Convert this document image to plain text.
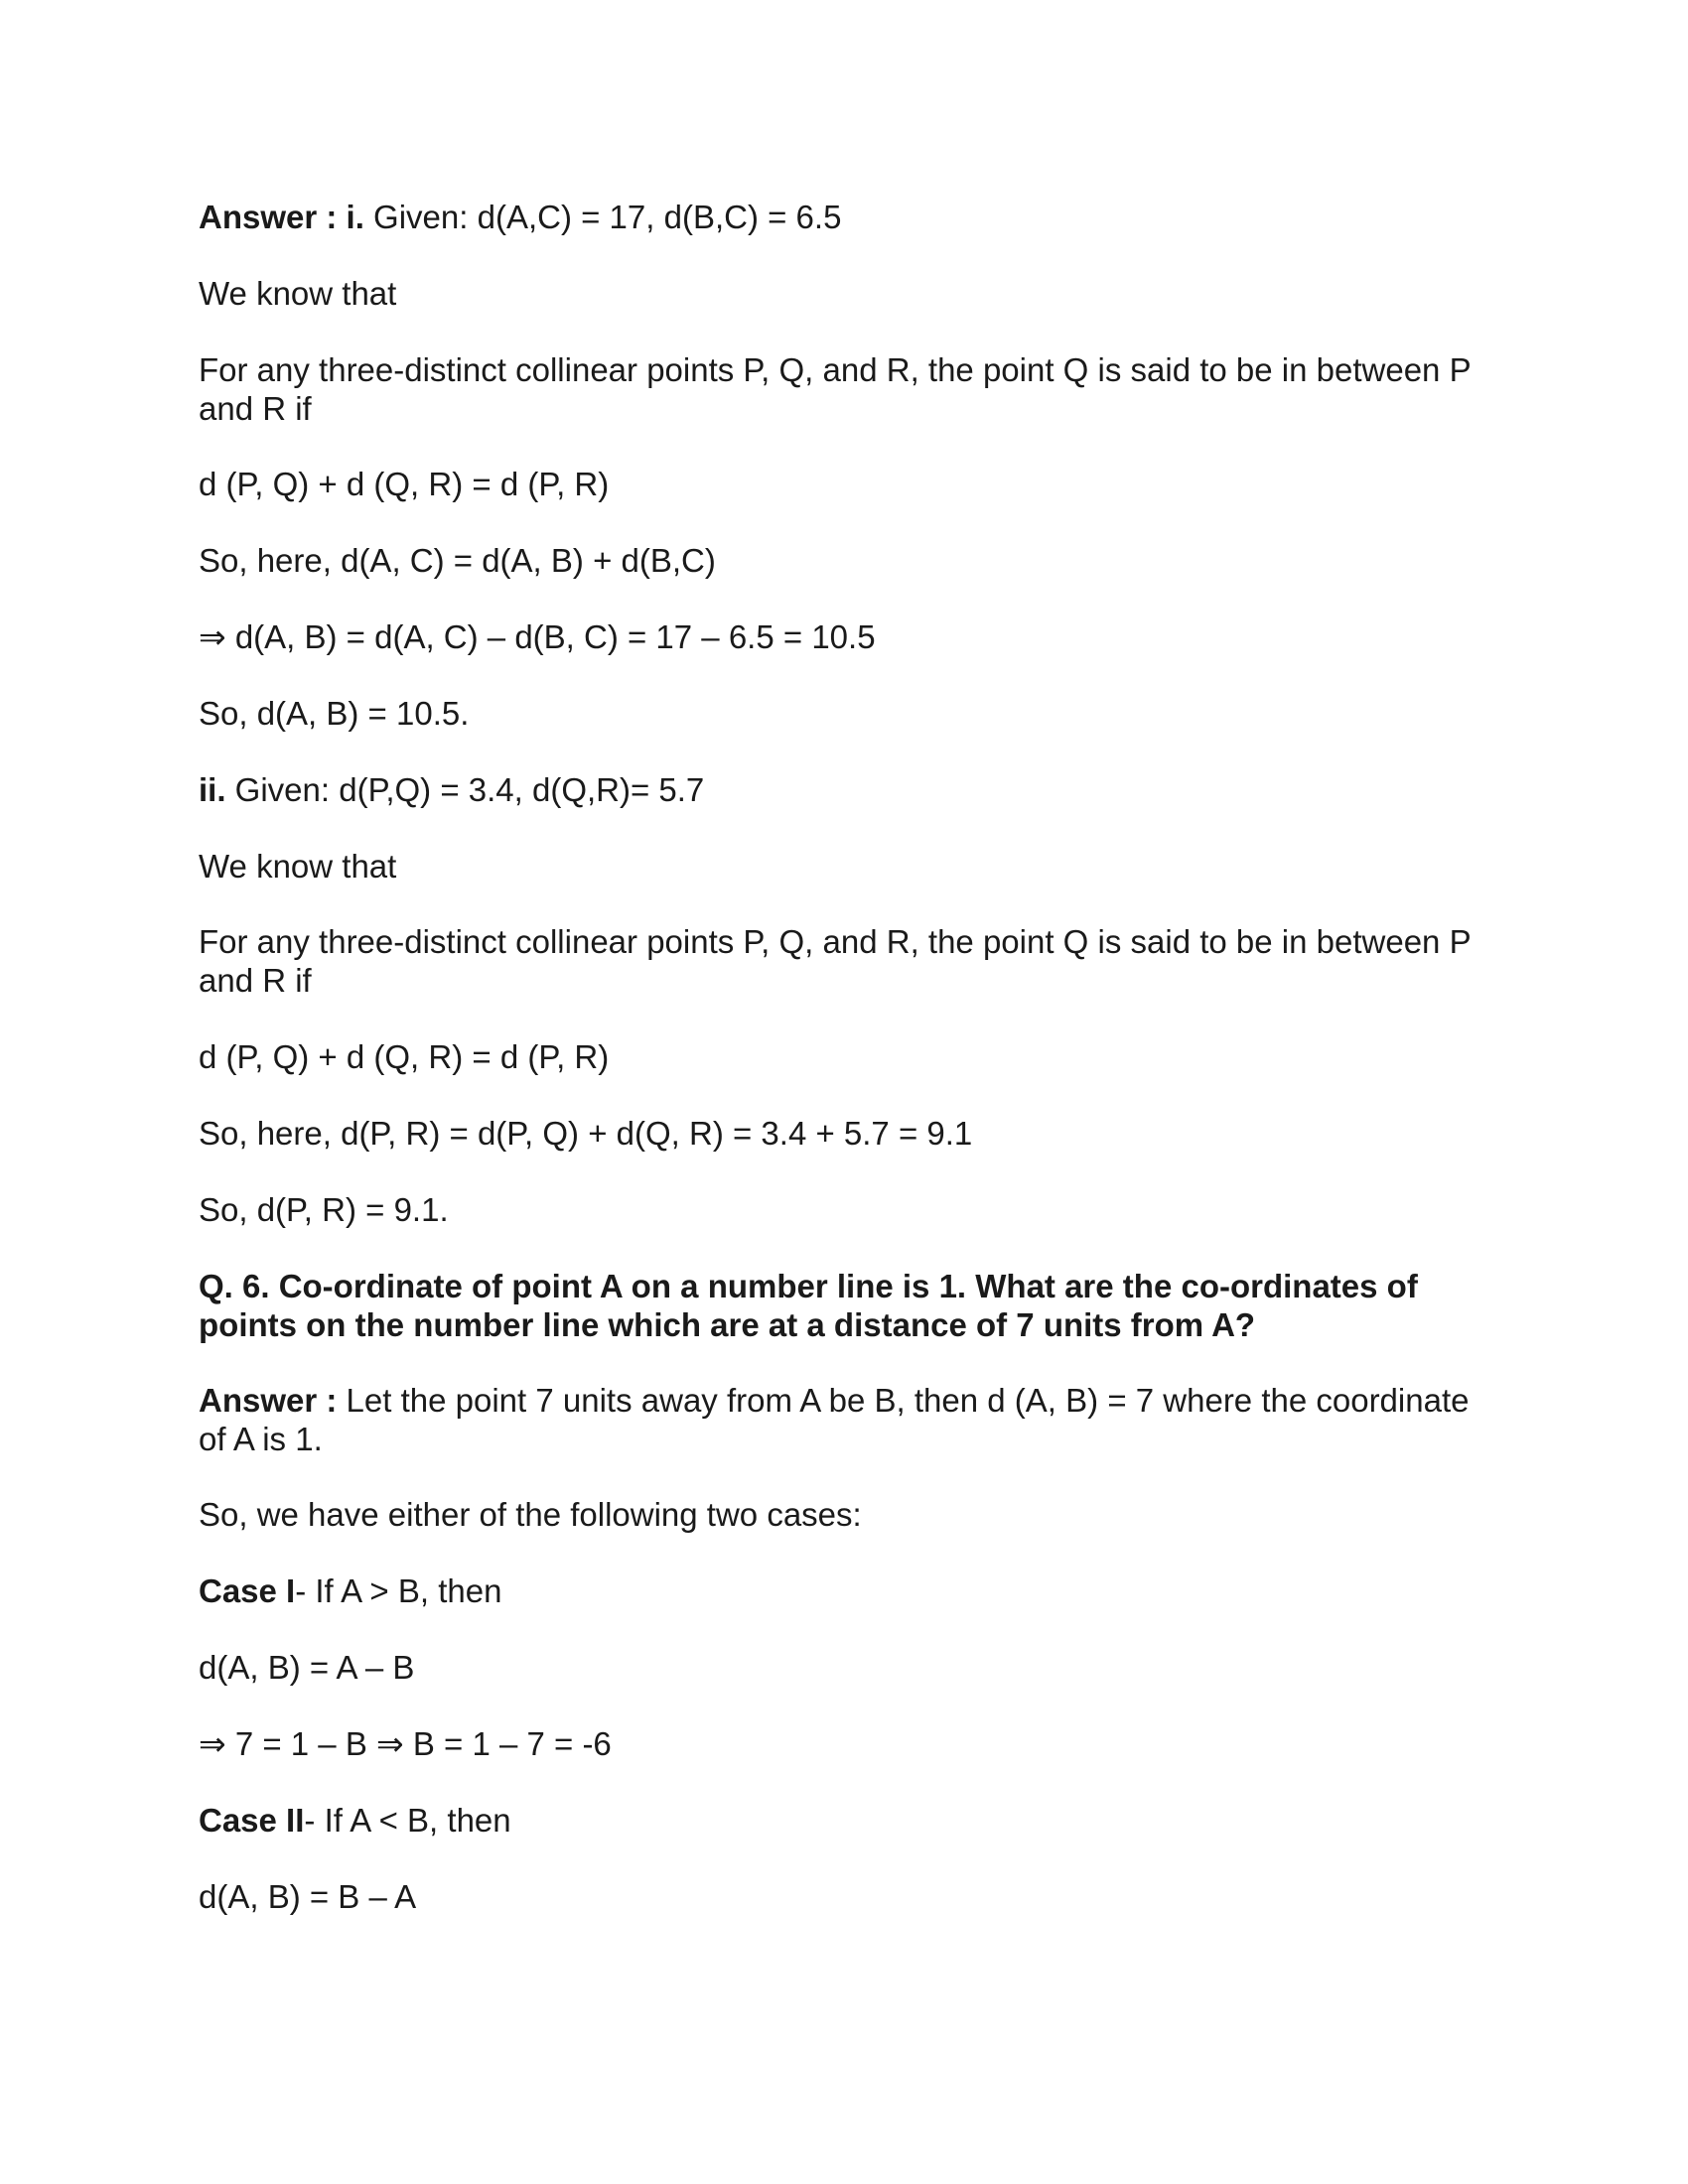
Answer : i. Given: d(A,C) = 17, d(B,C) = 6.5
We know that
For any three-distinct collinear points P, Q, and R, the point Q is said to be in between P and R if
d (P, Q) + d (Q, R) = d (P, R)
So, here, d(A, C) = d(A, B) + d(B,C)
⇒ d(A, B) = d(A, C) – d(B, C) = 17 – 6.5 = 10.5
So, d(A, B) = 10.5.
ii. Given: d(P,Q) = 3.4, d(Q,R)= 5.7
We know that
For any three-distinct collinear points P, Q, and R, the point Q is said to be in between P and R if
d (P, Q) + d (Q, R) = d (P, R)
So, here, d(P, R) = d(P, Q) + d(Q, R) = 3.4 + 5.7 = 9.1
So, d(P, R) = 9.1.
Q. 6. Co-ordinate of point A on a number line is 1. What are the co-ordinates of points on the number line which are at a distance of 7 units from A?
Answer : Let the point 7 units away from A be B, then d (A, B) = 7 where the coordinate of A is 1.
So, we have either of the following two cases:
Case I- If A > B, then
d(A, B) = A – B
⇒ 7 = 1 – B ⇒ B = 1 – 7 = -6
Case II- If A < B, then
d(A, B) = B – A
